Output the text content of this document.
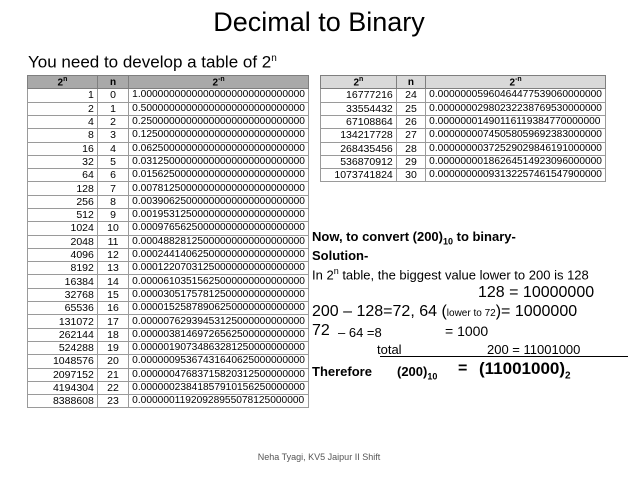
Decimal to Binary
You need to develop a table of 2$^n$
2$^n$	n	$2^{-n}$
1	0	1.00000000000000000000000000000
2	1	0.50000000000000000000000000000
4	2	0.25000000000000000000000000000
8	3	0.12500000000000000000000000000
16	4	0.06250000000000000000000000000
32	5	0.03125000000000000000000000000
64	6	0.01562500000000000000000000000
128	7	0.00781250000000000000000000000
256	8	0.00390625000000000000000000000
512	9	0.00195312500000000000000000000
1024	10	0.00097656250000000000000000000
2048	11	0.00048828125000000000000000000
4096	12	0.00024414062500000000000000000
8192	13	0.00012207031250000000000000000
16384	14	0.00006103515625000000000000000
32768	15	0.00003051757812500000000000000
65536	16	0.00001525878906250000000000000
131072	17	0.00000762939453125000000000000
262144	18	0.00000381469726562500000000000
524288	19	0.00000190734863281250000000000
1048576	20	0.00000095367431640625000000000
2097152	21	0.00000047683715820312500000000
4194304	22	0.00000023841857910156250000000
8388608	23	0.00000011920928955078125000000
2$^n$	n	$2^{-n}$
16777216	24	0.00000005960464477539060000000
33554432	25	0.00000002980232238769530000000
67108864	26	0.00000001490116119384770000000
134217728	27	0.00000000745058059692383000000
268435456	28	0.00000000372529029846191000000
536870912	29	0.00000000186264514923096000000
1073741824	30	0.00000000093132257461547900000
Now, to convert $(200)_{10}$ to binary-
Solution-
In 2$^n$ table, the biggest value lower to 200 is 128
128 = 10000000
200 – 128=72, 64 (lower to 72)= 1000000
72 – 64 =8	= 1000
total	200 = 11001000
Therefore $(200)_{10} = (11001000)_2$
Neha Tyagi, KV5 Jaipur II Shift
